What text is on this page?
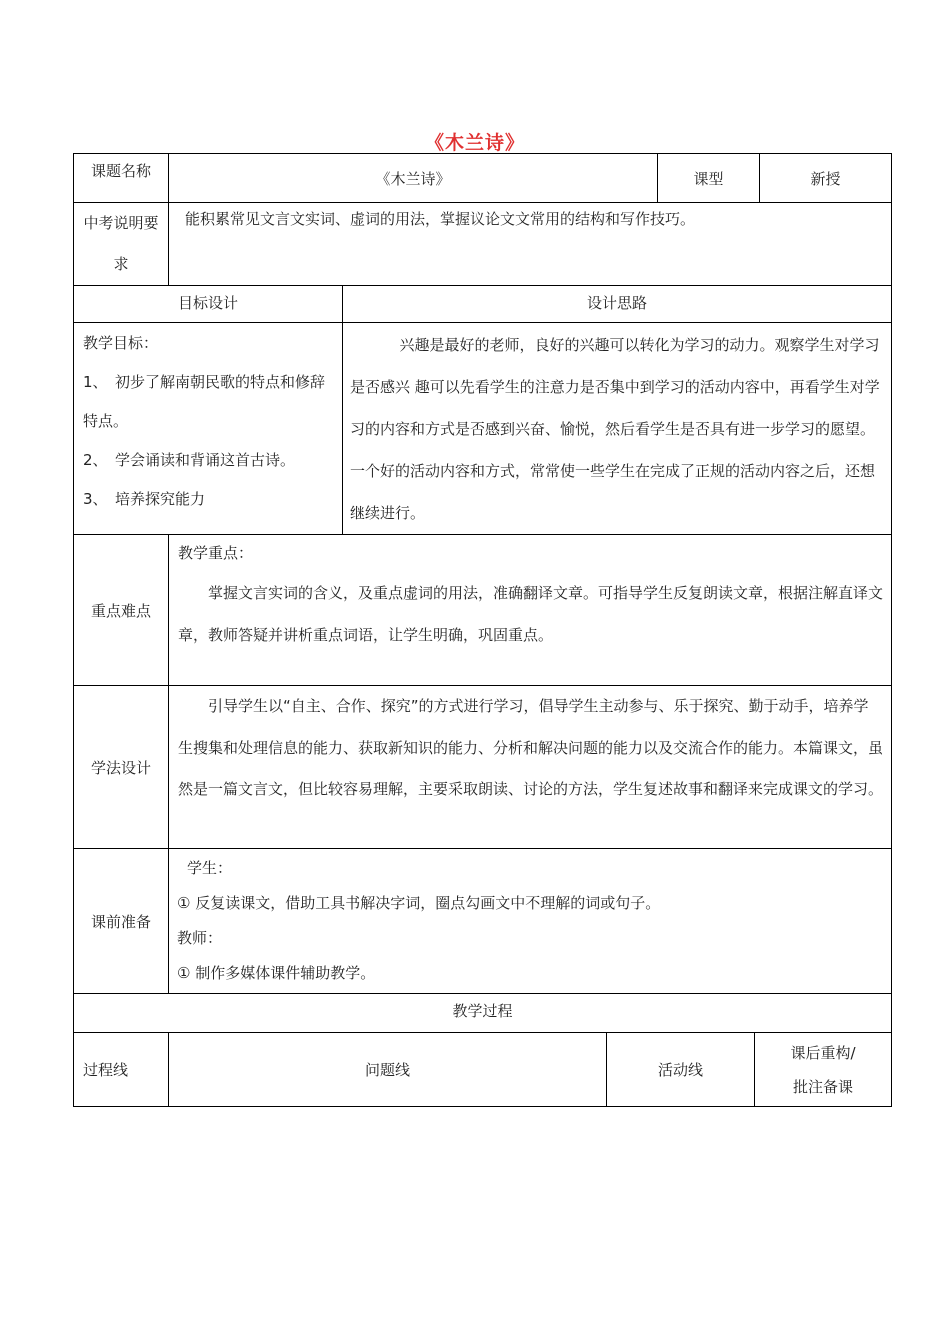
《木兰诗》
课题名称	《木兰诗》		课型	新授
中考说明要求	能积累常见文言文实词、虚词的用法，掌握议论文文常用的结构和写作技巧。			
目标设计		设计思路		

教学目标：
1、　初步了解南朝民歌的特点和修辞特点。
2、　学会诵读和背诵这首古诗。
3、　培养探究能力		兴趣是最好的老师，良好的兴趣可以转化为学习的动力。观察学生对学习是否感兴 趣可以先看学生的注意力是否集中到学习的活动内容中，再看学生对学习的内容和方式是否感到兴奋、愉悦，然后看学生是否具有进一步学习的愿望。一个好的活动内容和方式，常常使一些学生在完成了正规的活动内容之后，还想继续进行。		
重点难点	教学重点：
掌握文言实词的含义，及重点虚词的用法，准确翻译文章。可指导学生反复朗读文章，根据注解直译文章，教师答疑并讲析重点词语，让学生明确，巩固重点。

学法设计	引导学生以“自主、合作、探究”的方式进行学习，倡导学生主动参与、乐于探究、勤于动手，培养学生搜集和处理信息的能力、获取新知识的能力、分析和解决问题的能力以及交流合作的能力。本篇课文，虽然是一篇文言文，但比较容易理解，主要采取朗读、讨论的方法，学生复述故事和翻译来完成课文的学习。
课前准备	学生：
① 反复读课文，借助工具书解决字词，圈点勾画文中不理解的词或句子。
教师：
① 制作多媒体课件辅助教学。

教学过程	
过程线	问题线	活动线	课后重构/批注备课
